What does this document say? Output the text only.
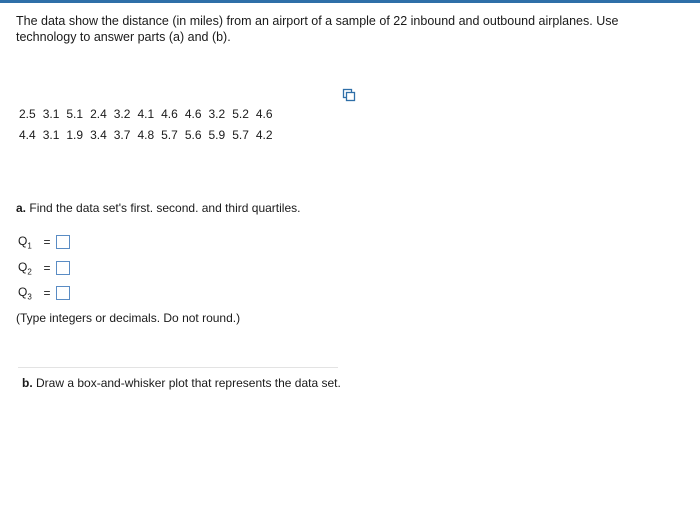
The data show the distance (in miles) from an airport of a sample of 22 inbound and outbound airplanes. Use technology to answer parts (a) and (b).
2.5	3.1	5.1	2.4	3.2	4.1	4.6	4.6	3.2	5.2	4.6
4.4	3.1	1.9	3.4	3.7	4.8	5.7	5.6	5.9	5.7	4.2
a. Find the data set's first. second. and third quartiles.
$Q_1$ =
$Q_2$ =
$Q_3$ =
(Type integers or decimals. Do not round.)
b. Draw a box-and-whisker plot that represents the data set.
